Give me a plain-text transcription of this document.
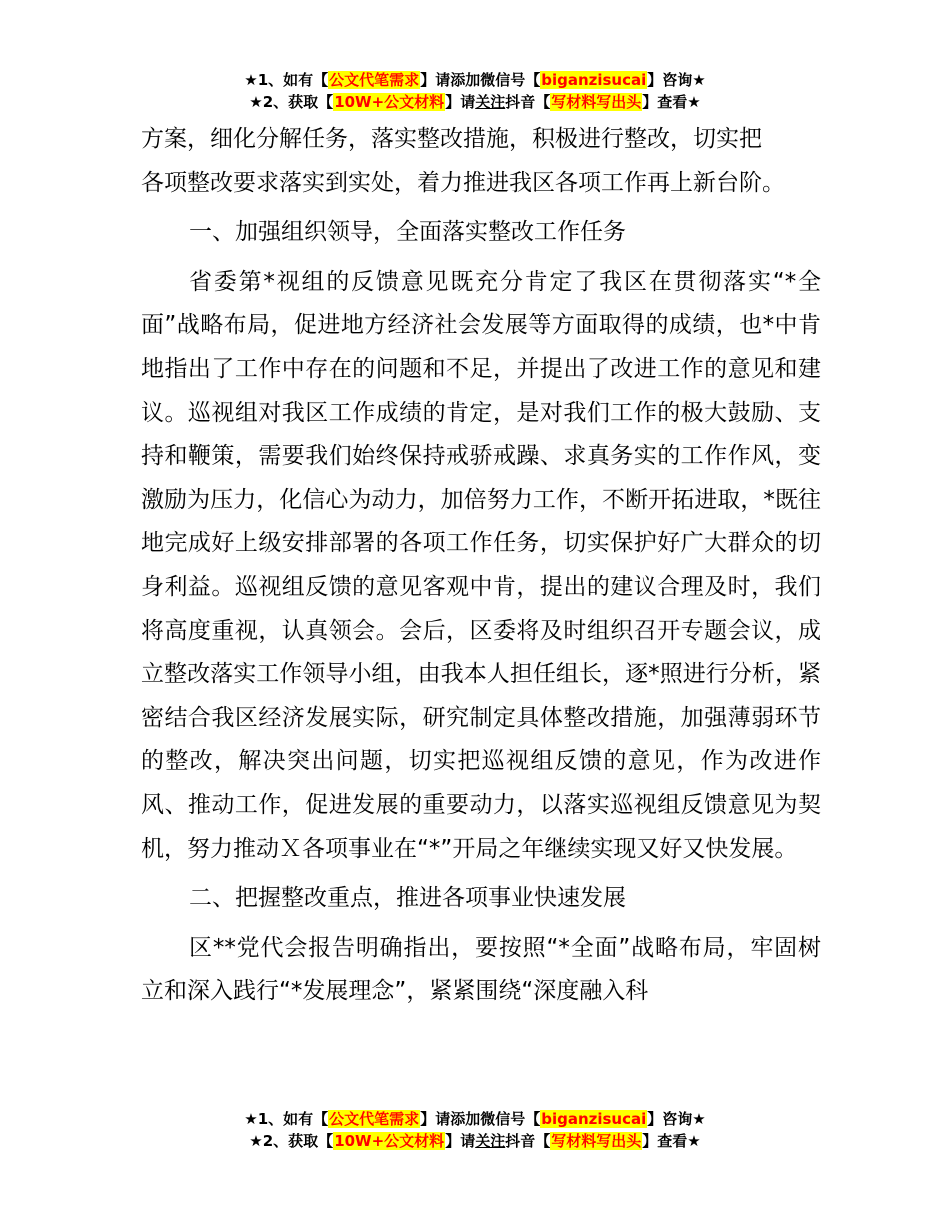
★1、如有【公文代笔需求】请添加微信号【biganzisucai】咨询★
★2、获取【10W+公文材料】请关注抖音【写材料写出头】查看★

方案，细化分解任务，落实整改措施，积极进行整改，切实把

各项整改要求落实到实处，着力推进我区各项工作再上新台阶。

一、加强组织领导，全面落实整改工作任务

省委第*视组的反馈意见既充分肯定了我区在贯彻落实“*全面”战略布局，促进地方经济社会发展等方面取得的成绩，也*中肯地指出了工作中存在的问题和不足，并提出了改进工作的意见和建议。巡视组对我区工作成绩的肯定，是对我们工作的极大鼓励、支持和鞭策，需要我们始终保持戒骄戒躁、求真务实的工作作风，变激励为压力，化信心为动力，加倍努力工作，不断开拓进取，*既往地完成好上级安排部署的各项工作任务，切实保护好广大群众的切身利益。巡视组反馈的意见客观中肯，提出的建议合理及时，我们将高度重视，认真领会。会后，区委将及时组织召开专题会议，成立整改落实工作领导小组，由我本人担任组长，逐*照进行分析，紧密结合我区经济发展实际，研究制定具体整改措施，加强薄弱环节的整改，解决突出问题，切实把巡视组反馈的意见，作为改进作风、推动工作，促进发展的重要动力，以落实巡视组反馈意见为契机，努力推动Ｘ各项事业在“*”开局之年继续实现又好又快发展。

二、把握整改重点，推进各项事业快速发展

区**党代会报告明确指出，要按照“*全面”战略布局，牢固树立和深入践行“*发展理念”，紧紧围绕“深度融入科

★1、如有【公文代笔需求】请添加微信号【biganzisucai】咨询★
★2、获取【10W+公文材料】请关注抖音【写材料写出头】查看★
